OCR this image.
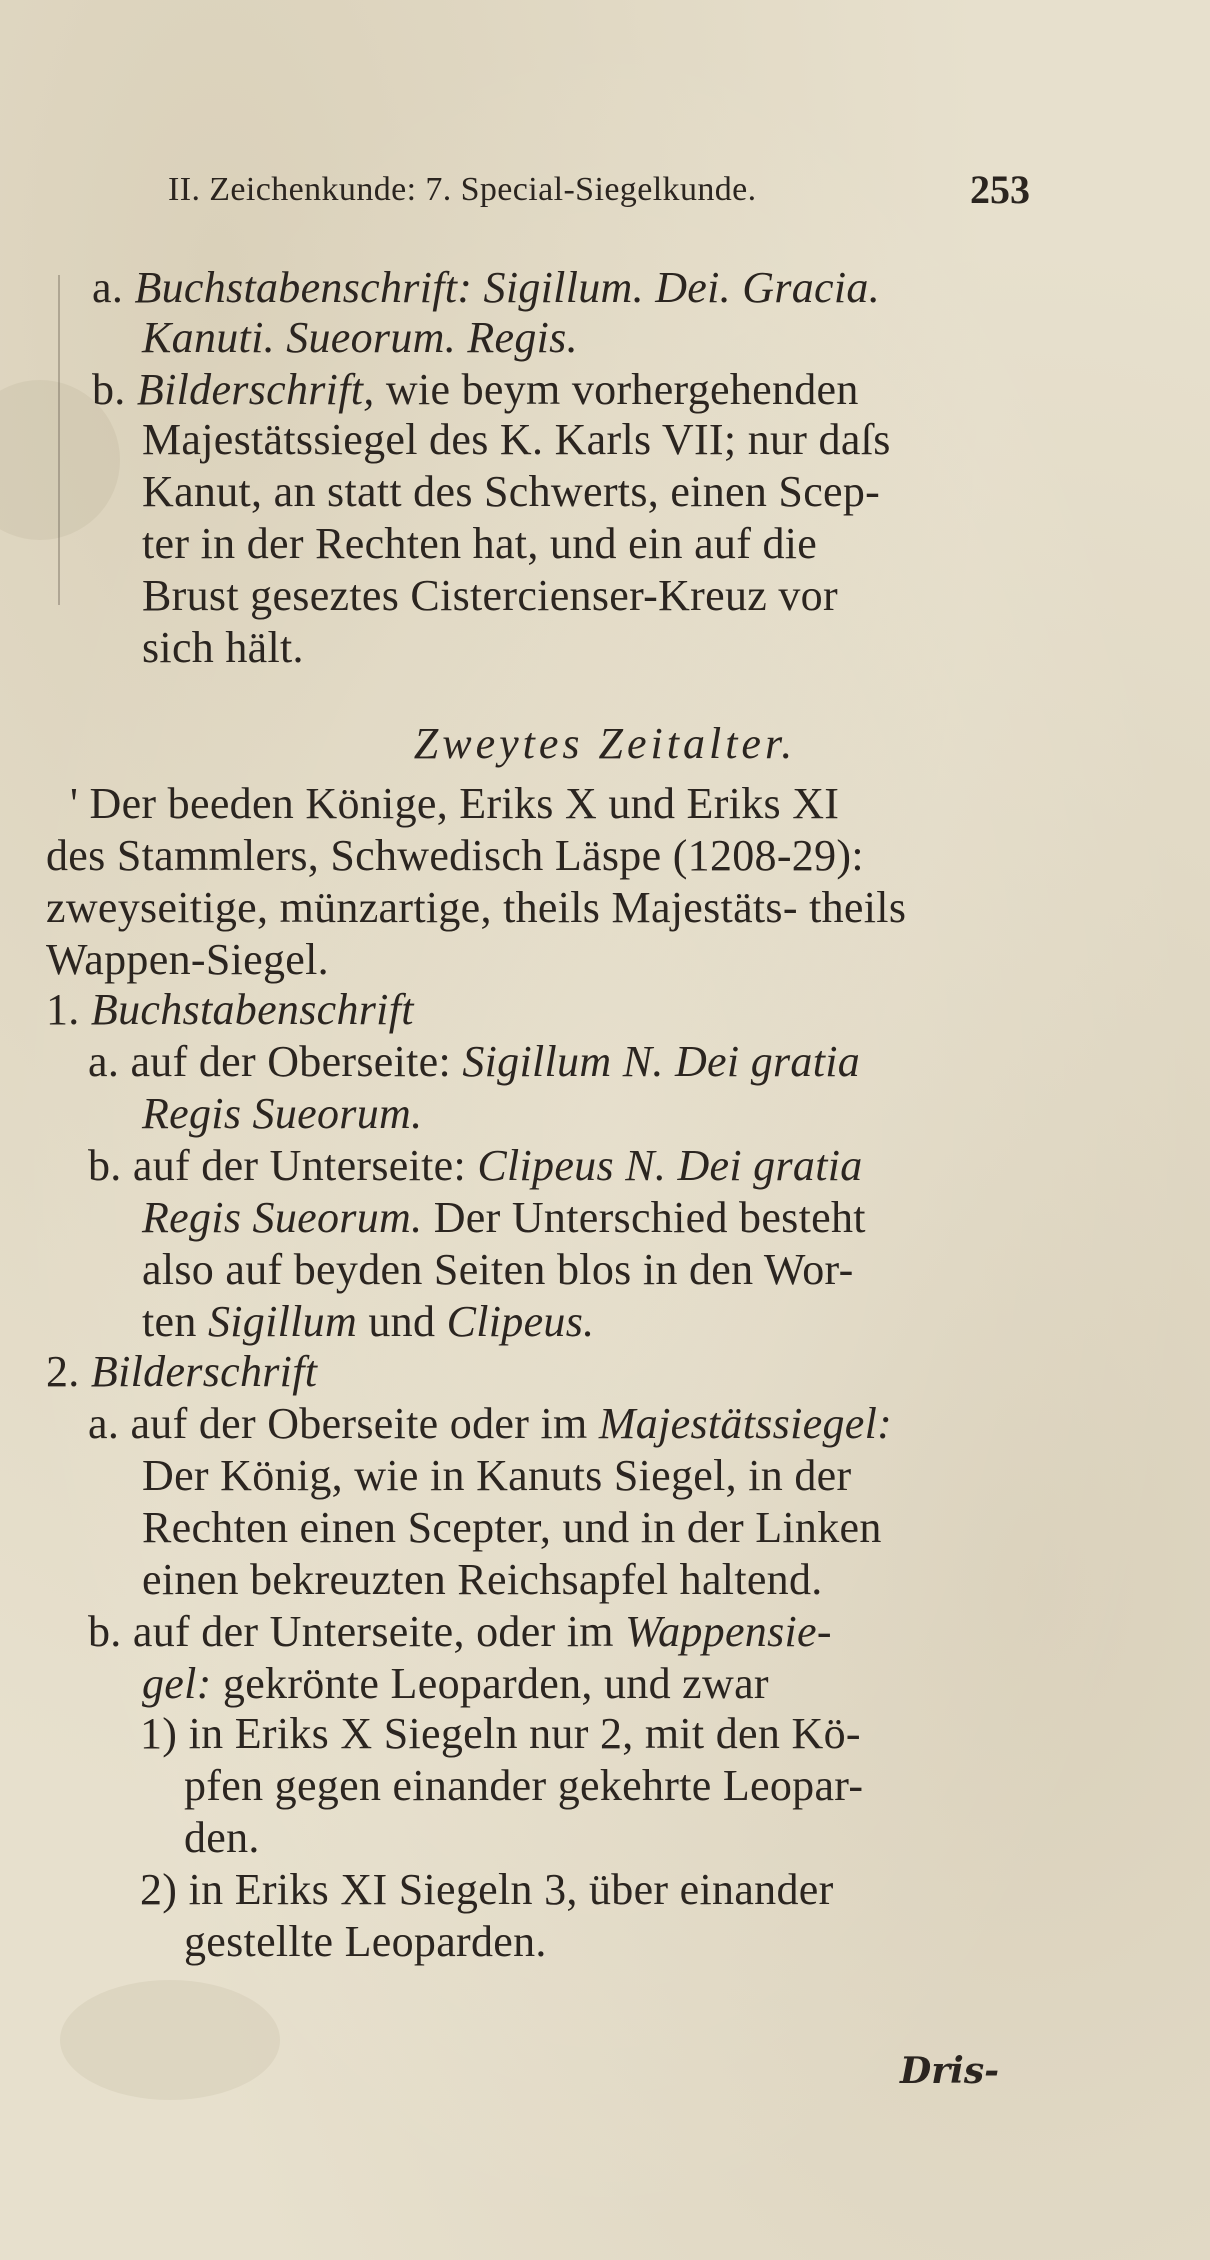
II. Zeichenkunde: 7. Special-Siegelkunde.	253
a. Buchstabenschrift: Sigillum. Dei. Gracia.
Kanuti. Sueorum. Regis.
b. Bilderschrift, wie beym vorhergehenden
Majestätssiegel des K. Karls VII; nur daſs
Kanut, an statt des Schwerts, einen Scep-
ter in der Rechten hat, und ein auf die
Brust geseztes Cistercienser-Kreuz vor
sich hält.
Zweytes Zeitalter.
' Der beeden Könige, Eriks X und Eriks XI
des Stammlers, Schwedisch Läspe (1208-29):
zweyseitige, münzartige, theils Majestäts- theils
Wappen-Siegel.
1. Buchstabenschrift
a. auf der Oberseite: Sigillum N. Dei gratia
Regis Sueorum.
b. auf der Unterseite: Clipeus N. Dei gratia
Regis Sueorum. Der Unterschied besteht
also auf beyden Seiten blos in den Wor-
ten Sigillum und Clipeus.
2. Bilderschrift
a. auf der Oberseite oder im Majestätssiegel:
Der König, wie in Kanuts Siegel, in der
Rechten einen Scepter, und in der Linken
einen bekreuzten Reichsapfel haltend.
b. auf der Unterseite, oder im Wappensie-
gel: gekrönte Leoparden, und zwar
1) in Eriks X Siegeln nur 2, mit den Kö-
pfen gegen einander gekehrte Leopar-
den.
2) in Eriks XI Siegeln 3, über einander
gestellte Leoparden.
Dris-
